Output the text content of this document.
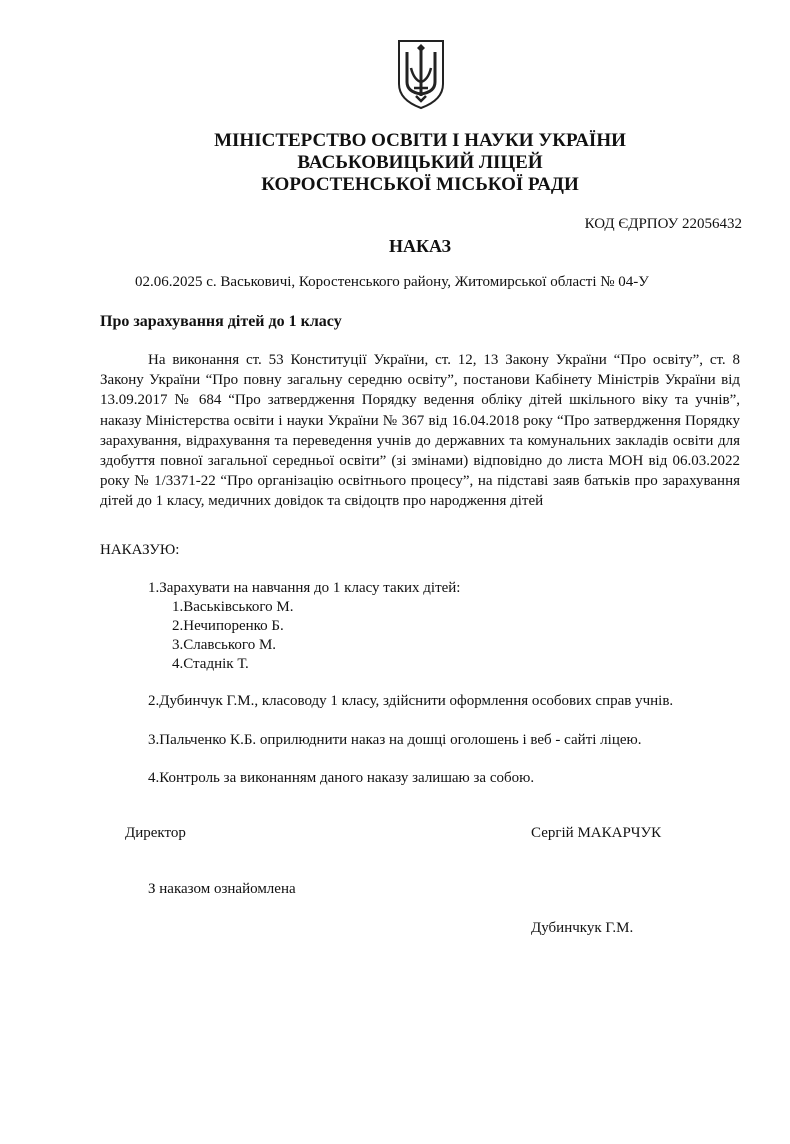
МІНІСТЕРСТВО ОСВІТИ І НАУКИ УКРАЇНИ
ВАСЬКОВИЦЬКИЙ ЛІЦЕЙ
КОРОСТЕНСЬКОЇ МІСЬКОЇ РАДИ
КОД ЄДРПОУ 22056432
НАКАЗ
02.06.2025 с. Васьковичі, Коростенського району, Житомирської області № 04-У
Про зарахування дітей до 1 класу
На виконання ст. 53 Конституції України, ст. 12, 13 Закону України “Про освіту”, ст. 8 Закону України “Про повну загальну середню освіту”, постанови Кабінету Міністрів України від 13.09.2017 № 684 “Про затвердження Порядку ведення обліку дітей шкільного віку та учнів”, наказу Міністерства освіти і науки України № 367 від 16.04.2018 року “Про затвердження Порядку зарахування, відрахування та переведення учнів до державних та комунальних закладів освіти для здобуття повної загальної середньої освіти” (зі змінами) відповідно до листа МОН від 06.03.2022 року № 1/3371-22 “Про організацію освітнього процесу”, на підставі заяв батьків про зарахування дітей до 1 класу, медичних довідок та свідоцтв про народження дітей
НАКАЗУЮ:
1.Зарахувати на навчання до 1 класу таких дітей:
1.Васьківського М.
2.Нечипоренко Б.
3.Славського М.
4.Стаднік Т.
2.Дубинчук Г.М., класоводу 1 класу, здійснити оформлення особових справ учнів.
3.Пальченко К.Б. оприлюднити наказ на дошці оголошень і веб - сайті ліцею.
4.Контроль за виконанням даного наказу залишаю за собою.
Директор	Сергій МАКАРЧУК
З наказом ознайомлена
Дубинчкук Г.М.
